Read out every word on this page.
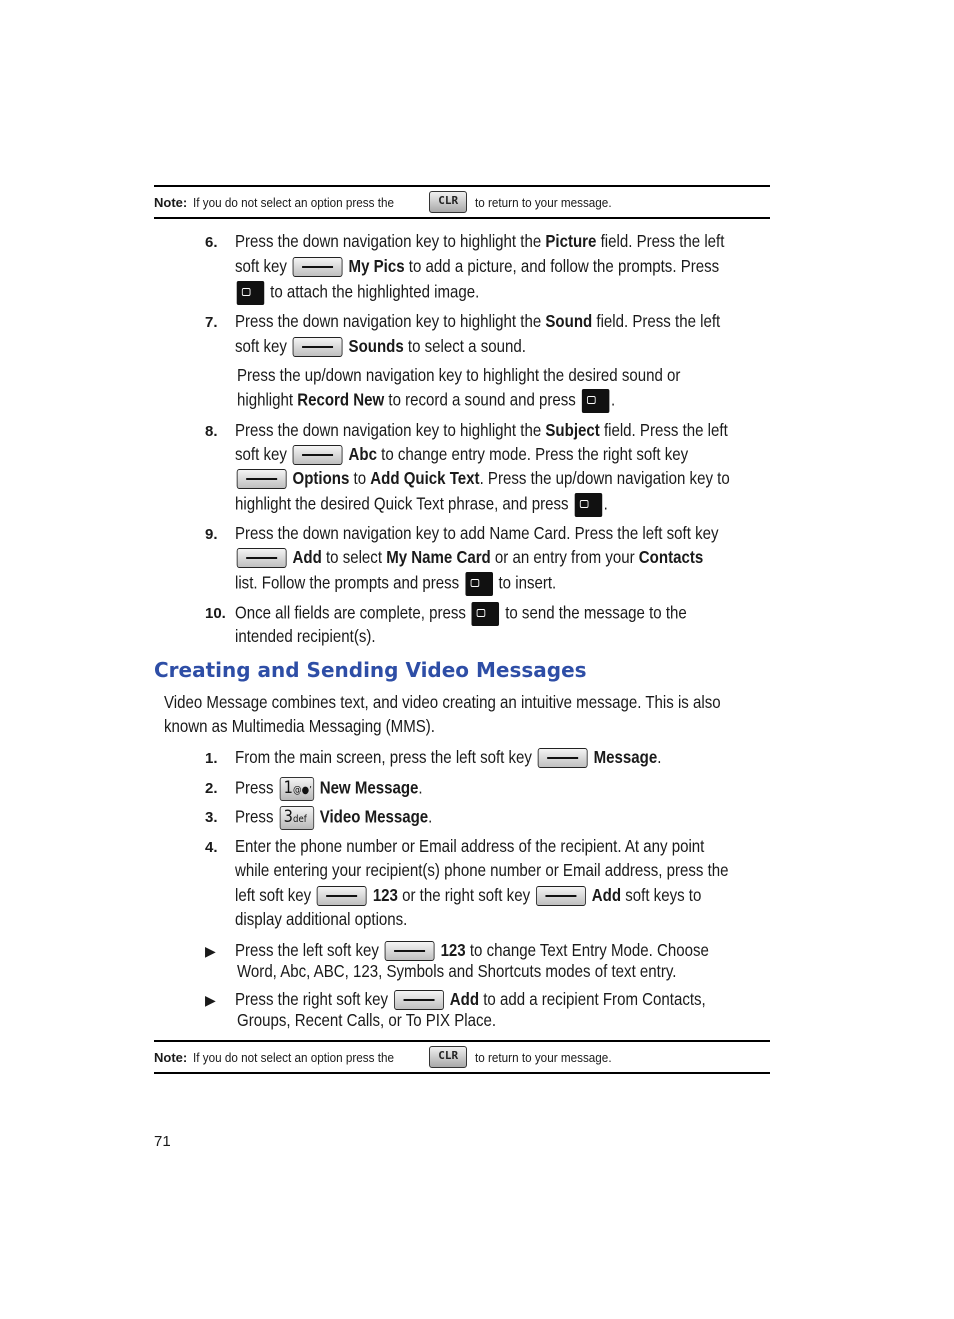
Note: If you do not select an option press the	CLR	to return to your message.
6. Press the down navigation key to highlight the Picture field. Press the left
soft key	My Pics to add a picture, and follow the prompts. Press
to attach the highlighted image.
7. Press the down navigation key to highlight the Sound field. Press the left
soft key	Sounds to select a sound.
Press the up/down navigation key to highlight the desired sound or
highlight Record New to record a sound and press .
8. Press the down navigation key to highlight the Subject field. Press the left
soft key	Abc to change entry mode. Press the right soft key
Options to Add Quick Text. Press the up/down navigation key to
highlight the desired Quick Text phrase, and press .
9. Press the down navigation key to add Name Card. Press the left soft key
Add to select My Name Card or an entry from your Contacts
list. Follow the prompts and press  to insert.
10. Once all fields are complete, press  to send the message to the
intended recipient(s).
Creating and Sending Video Messages
Video Message combines text, and video creating an intuitive message. This is also
known as Multimedia Messaging (MMS).
1. From the main screen, press the left soft key	Message.
2. Press 1@●’ New Message.
3. Press 3def Video Message.
4. Enter the phone number or Email address of the recipient. At any point
while entering your recipient(s) phone number or Email address, press the
left soft key	123 or the right soft key	Add soft keys to
display additional options.
▶ Press the left soft key	123 to change Text Entry Mode. Choose
Word, Abc, ABC, 123, Symbols and Shortcuts modes of text entry.
▶ Press the right soft key	Add to add a recipient From Contacts,
Groups, Recent Calls, or To PIX Place.
Note: If you do not select an option press the	CLR	to return to your message.
71
